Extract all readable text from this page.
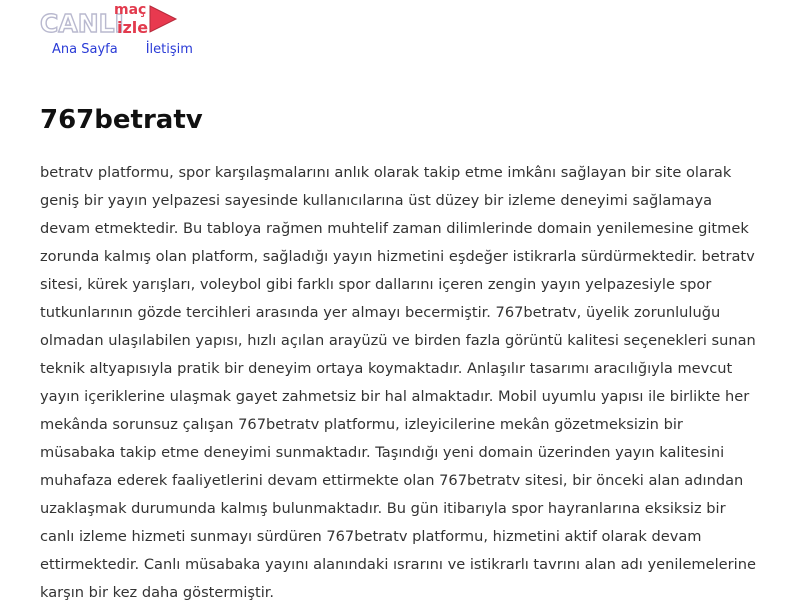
CANLI
maç
izle
Ana Sayfa İletişim
767betratv

betratv platformu, spor karşılaşmalarını anlık olarak takip etme imkânı sağlayan bir site olarak geniş bir yayın yelpazesi sayesinde kullanıcılarına üst düzey bir izleme deneyimi sağlamaya devam etmektedir. Bu tabloya rağmen muhtelif zaman dilimlerinde domain yenilemesine gitmek zorunda kalmış olan platform, sağladığı yayın hizmetini eşdeğer istikrarla sürdürmektedir. betratv sitesi, kürek yarışları, voleybol gibi farklı spor dallarını içeren zengin yayın yelpazesiyle spor tutkunlarının gözde tercihleri arasında yer almayı becermiştir. 767betratv, üyelik zorunluluğu olmadan ulaşılabilen yapısı, hızlı açılan arayüzü ve birden fazla görüntü kalitesi seçenekleri sunan teknik altyapısıyla pratik bir deneyim ortaya koymaktadır. Anlaşılır tasarımı aracılığıyla mevcut yayın içeriklerine ulaşmak gayet zahmetsiz bir hal almaktadır. Mobil uyumlu yapısı ile birlikte her mekânda sorunsuz çalışan 767betratv platformu, izleyicilerine mekân gözetmeksizin bir müsabaka takip etme deneyimi sunmaktadır. Taşındığı yeni domain üzerinden yayın kalitesini muhafaza ederek faaliyetlerini devam ettirmekte olan 767betratv sitesi, bir önceki alan adından uzaklaşmak durumunda kalmış bulunmaktadır. Bu gün itibarıyla spor hayranlarına eksiksiz bir canlı izleme hizmeti sunmayı sürdüren 767betratv platformu, hizmetini aktif olarak devam ettirmektedir. Canlı müsabaka yayını alanındaki ısrarını ve istikrarlı tavrını alan adı yenilemelerine karşın bir kez daha göstermiştir.
